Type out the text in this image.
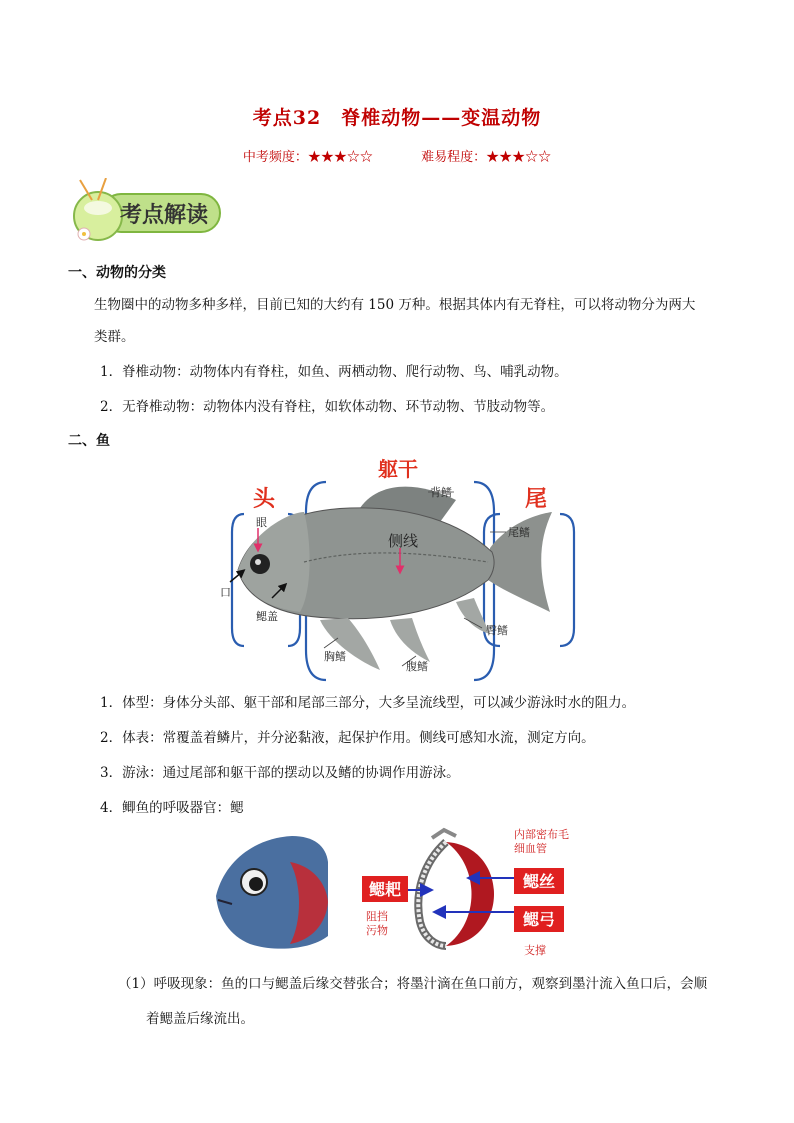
考点32　脊椎动物——变温动物
中考频度：★★★☆☆	难易程度：★★★☆☆
考点解读
一、动物的分类
生物圈中的动物多种多样，目前已知的大约有 150 万种。根据其体内有无脊柱，可以将动物分为两大
类群。
1．脊椎动物：动物体内有脊柱，如鱼、两栖动物、爬行动物、鸟、哺乳动物。
2．无脊椎动物：动物体内没有脊柱，如软体动物、环节动物、节肢动物等。
二、鱼
头
躯干
尾
眼
口
鳃盖
背鳍
侧线	尾鳍
臀鳍
胸鳍
腹鳍
1．体型：身体分头部、躯干部和尾部三部分，大多呈流线型，可以减少游泳时水的阻力。
2．体表：常覆盖着鳞片，并分泌黏液，起保护作用。侧线可感知水流，测定方向。
3．游泳：通过尾部和躯干部的摆动以及鳍的协调作用游泳。
4．鲫鱼的呼吸器官：鳃
鳃耙	鳃丝
鳃弓
内部密布毛
细血管
阻挡
污物
支撑
（1）呼吸现象：鱼的口与鳃盖后缘交替张合；将墨汁滴在鱼口前方，观察到墨汁流入鱼口后，会顺
着鳃盖后缘流出。
